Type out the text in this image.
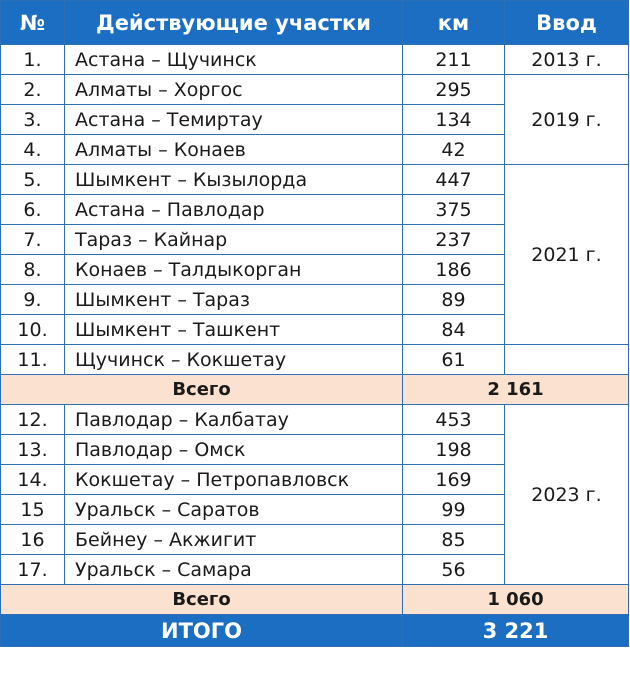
№	Действующие участки	км	Ввод
1.	Астана – Щучинск	211	2013 г.
2.	Алматы – Хоргос	295	2019 г.
3.	Астана – Темиртау	134	
4.	Алматы – Конаев	42	
5.	Шымкент – Кызылорда	447	2021 г.
6.	Астана – Павлодар	375	
7.	Тараз – Кайнар	237	
8.	Конаев – Талдыкорган	186	
9.	Шымкент – Тараз	89	
10.	Шымкент – Ташкент	84	
11.	Щучинск – Кокшетау	61	
Всего		2 161	
12.	Павлодар – Калбатау	453	2023 г.
13.	Павлодар – Омск	198	
14.	Кокшетау – Петропавловск	169	
15	Уральск – Саратов	99	
16	Бейнеу – Акжигит	85	
17.	Уральск – Самара	56	
Всего		1 060	
ИТОГО		3 221	
